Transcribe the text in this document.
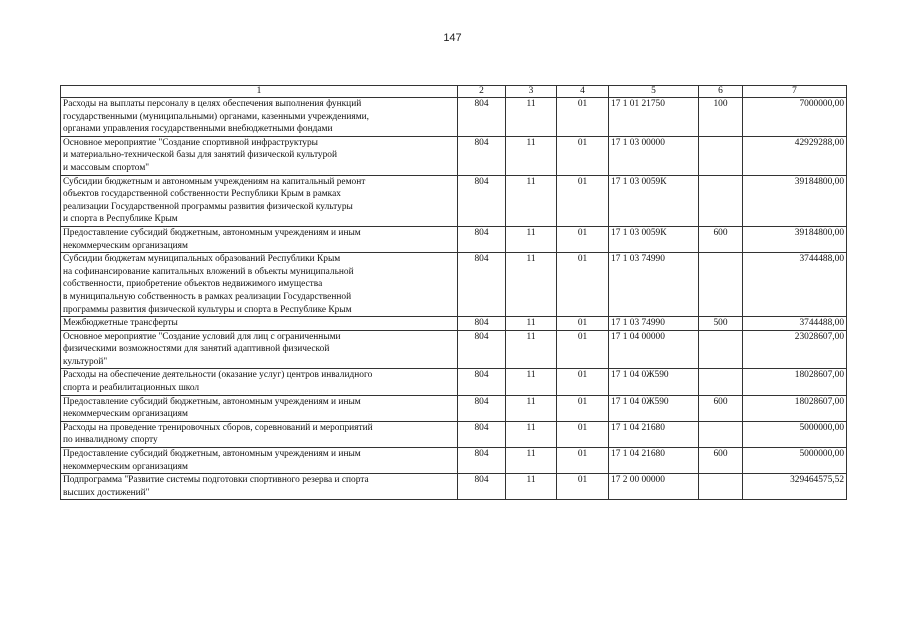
147
1	2	3	4	5	6	7
Расходы на выплаты персоналу в целях обеспечения выполнения функций
государственными (муниципальными) органами, казенными учреждениями,
органами управления государственными внебюджетными фондами	804	11	01	17 1 01 21750	100	7000000,00
Основное мероприятие "Создание спортивной инфраструктуры
и материально-технической базы для занятий физической культурой
и массовым спортом"	804	11	01	17 1 03 00000		42929288,00
Субсидии бюджетным и автономным учреждениям на капитальный ремонт
объектов государственной собственности Республики Крым в рамках
реализации Государственной программы развития физической культуры
и спорта в Республике Крым	804	11	01	17 1 03 0059К		39184800,00
Предоставление субсидий бюджетным, автономным учреждениям и иным
некоммерческим организациям	804	11	01	17 1 03 0059К	600	39184800,00
Субсидии бюджетам муниципальных образований Республики Крым
на софинансирование капитальных вложений в объекты муниципальной
собственности, приобретение объектов недвижимого имущества
в муниципальную собственность в рамках реализации Государственной
программы развития физической культуры и спорта в Республике Крым	804	11	01	17 1 03 74990		3744488,00
Межбюджетные трансферты	804	11	01	17 1 03 74990	500	3744488,00
Основное мероприятие "Создание условий для лиц с ограниченными
физическими возможностями для занятий адаптивной физической
культурой"	804	11	01	17 1 04 00000		23028607,00
Расходы на обеспечение деятельности (оказание услуг) центров инвалидного
спорта и реабилитационных школ	804	11	01	17 1 04 0Ж590		18028607,00
Предоставление субсидий бюджетным, автономным учреждениям и иным
некоммерческим организациям	804	11	01	17 1 04 0Ж590	600	18028607,00
Расходы на проведение тренировочных сборов, соревнований и мероприятий
по инвалидному спорту	804	11	01	17 1 04 21680		5000000,00
Предоставление субсидий бюджетным, автономным учреждениям и иным
некоммерческим организациям	804	11	01	17 1 04 21680	600	5000000,00
Подпрограмма "Развитие системы подготовки спортивного резерва и спорта
высших достижений"	804	11	01	17 2 00 00000		329464575,52
